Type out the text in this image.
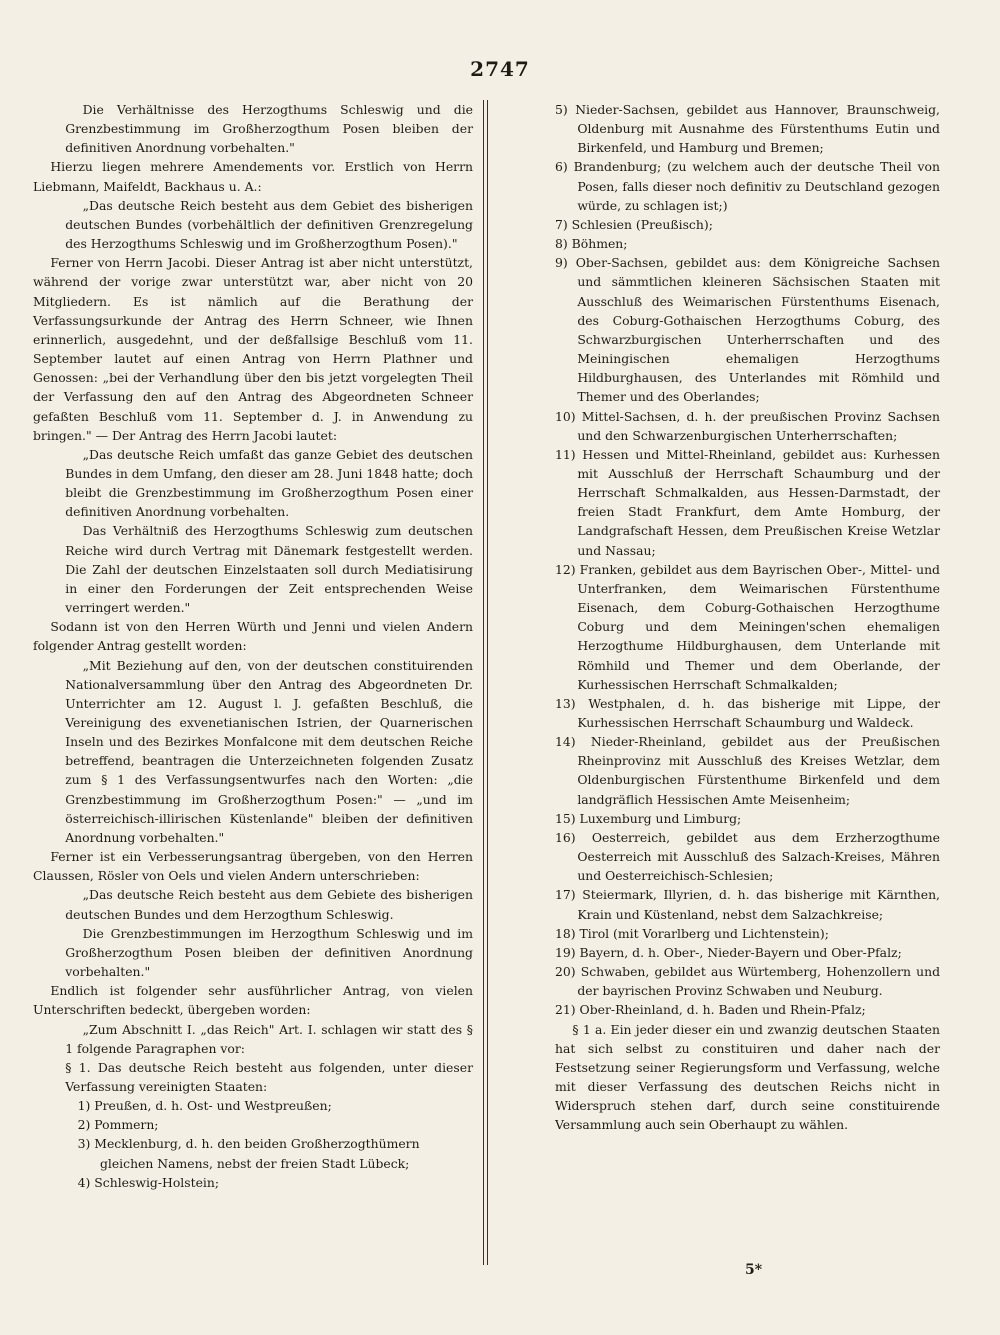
2747

Die Verhältnisse des Herzogthums Schleswig und die Grenzbestimmung im Großherzogthum Posen bleiben der definitiven Anordnung vorbehalten."

Hierzu liegen mehrere Amendements vor. Erstlich von Herrn Liebmann, Maifeldt, Backhaus u. A.:

„Das deutsche Reich besteht aus dem Gebiet des bisherigen deutschen Bundes (vorbehältlich der definitiven Grenzregelung des Herzogthums Schleswig und im Großherzogthum Posen)."

Ferner von Herrn Jacobi. Dieser Antrag ist aber nicht unterstützt, während der vorige zwar unterstützt war, aber nicht von 20 Mitgliedern. Es ist nämlich auf die Berathung der Verfassungsurkunde der Antrag des Herrn Schneer, wie Ihnen erinnerlich, ausgedehnt, und der deßfallsige Beschluß vom 11. September lautet auf einen Antrag von Herrn Plathner und Genossen: „bei der Verhandlung über den bis jetzt vorgelegten Theil der Verfassung den auf den Antrag des Abgeordneten Schneer gefaßten Beschluß vom 11. September d. J. in Anwendung zu bringen." — Der Antrag des Herrn Jacobi lautet:

„Das deutsche Reich umfaßt das ganze Gebiet des deutschen Bundes in dem Umfang, den dieser am 28. Juni 1848 hatte; doch bleibt die Grenzbestimmung im Großherzogthum Posen einer definitiven Anordnung vorbehalten.

Das Verhältniß des Herzogthums Schleswig zum deutschen Reiche wird durch Vertrag mit Dänemark festgestellt werden. Die Zahl der deutschen Einzelstaaten soll durch Mediatisirung in einer den Forderungen der Zeit entsprechenden Weise verringert werden."

Sodann ist von den Herren Würth und Jenni und vielen Andern folgender Antrag gestellt worden:

„Mit Beziehung auf den, von der deutschen constituirenden Nationalversammlung über den Antrag des Abgeordneten Dr. Unterrichter am 12. August l. J. gefaßten Beschluß, die Vereinigung des exvenetianischen Istrien, der Quarnerischen Inseln und des Bezirkes Monfalcone mit dem deutschen Reiche betreffend, beantragen die Unterzeichneten folgenden Zusatz zum § 1 des Verfassungsentwurfes nach den Worten: „die Grenzbestimmung im Großherzogthum Posen:" — „und im österreichisch-illirischen Küstenlande" bleiben der definitiven Anordnung vorbehalten."

Ferner ist ein Verbesserungsantrag übergeben, von den Herren Claussen, Rösler von Oels und vielen Andern unterschrieben:

„Das deutsche Reich besteht aus dem Gebiete des bisherigen deutschen Bundes und dem Herzogthum Schleswig.

Die Grenzbestimmungen im Herzogthum Schleswig und im Großherzogthum Posen bleiben der definitiven Anordnung vorbehalten."

Endlich ist folgender sehr ausführlicher Antrag, von vielen Unterschriften bedeckt, übergeben worden:

„Zum Abschnitt I. „das Reich" Art. I. schlagen wir statt des § 1 folgende Paragraphen vor:

§ 1. Das deutsche Reich besteht aus folgenden, unter dieser Verfassung vereinigten Staaten:

1) Preußen, d. h. Ost- und Westpreußen;

2) Pommern;

3) Mecklenburg, d. h. den beiden Großherzogthümern gleichen Namens, nebst der freien Stadt Lübeck;

4) Schleswig-Holstein;

5) Nieder-Sachsen, gebildet aus Hannover, Braunschweig, Oldenburg mit Ausnahme des Fürstenthums Eutin und Birkenfeld, und Hamburg und Bremen;

6) Brandenburg; (zu welchem auch der deutsche Theil von Posen, falls dieser noch definitiv zu Deutschland gezogen würde, zu schlagen ist;)

7) Schlesien (Preußisch);

8) Böhmen;

9) Ober-Sachsen, gebildet aus: dem Königreiche Sachsen und sämmtlichen kleineren Sächsischen Staaten mit Ausschluß des Weimarischen Fürstenthums Eisenach, des Coburg-Gothaischen Herzogthums Coburg, des Schwarzburgischen Unterherrschaften und des Meiningischen ehemaligen Herzogthums Hildburghausen, des Unterlandes mit Römhild und Themer und des Oberlandes;

10) Mittel-Sachsen, d. h. der preußischen Provinz Sachsen und den Schwarzenburgischen Unterherrschaften;

11) Hessen und Mittel-Rheinland, gebildet aus: Kurhessen mit Ausschluß der Herrschaft Schaumburg und der Herrschaft Schmalkalden, aus Hessen-Darmstadt, der freien Stadt Frankfurt, dem Amte Homburg, der Landgrafschaft Hessen, dem Preußischen Kreise Wetzlar und Nassau;

12) Franken, gebildet aus dem Bayrischen Ober-, Mittel- und Unterfranken, dem Weimarischen Fürstenthume Eisenach, dem Coburg-Gothaischen Herzogthume Coburg und dem Meiningen'schen ehemaligen Herzogthume Hildburghausen, dem Unterlande mit Römhild und Themer und dem Oberlande, der Kurhessischen Herrschaft Schmalkalden;

13) Westphalen, d. h. das bisherige mit Lippe, der Kurhessischen Herrschaft Schaumburg und Waldeck.

14) Nieder-Rheinland, gebildet aus der Preußischen Rheinprovinz mit Ausschluß des Kreises Wetzlar, dem Oldenburgischen Fürstenthume Birkenfeld und dem landgräflich Hessischen Amte Meisenheim;

15) Luxemburg und Limburg;

16) Oesterreich, gebildet aus dem Erzherzogthume Oesterreich mit Ausschluß des Salzach-Kreises, Mähren und Oesterreichisch-Schlesien;

17) Steiermark, Illyrien, d. h. das bisherige mit Kärnthen, Krain und Küstenland, nebst dem Salzachkreise;

18) Tirol (mit Vorarlberg und Lichtenstein);

19) Bayern, d. h. Ober-, Nieder-Bayern und Ober-Pfalz;

20) Schwaben, gebildet aus Würtemberg, Hohenzollern und der bayrischen Provinz Schwaben und Neuburg.

21) Ober-Rheinland, d. h. Baden und Rhein-Pfalz;

§ 1 a. Ein jeder dieser ein und zwanzig deutschen Staaten hat sich selbst zu constituiren und daher nach der Festsetzung seiner Regierungsform und Verfassung, welche mit dieser Verfassung des deutschen Reichs nicht in Widerspruch stehen darf, durch seine constituirende Versammlung auch sein Oberhaupt zu wählen.

5*
